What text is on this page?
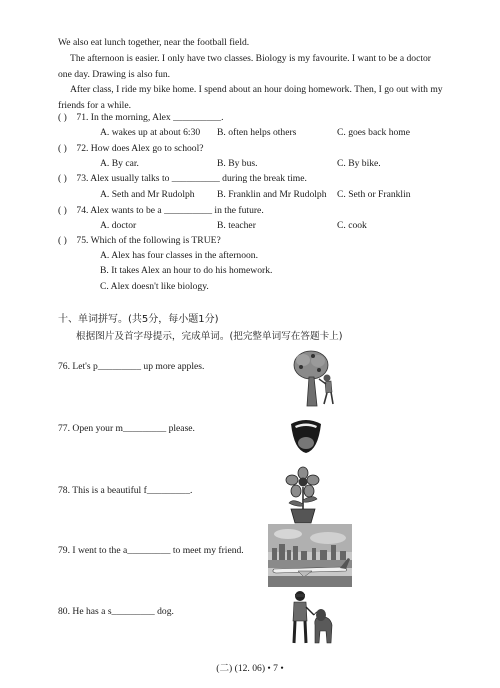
We also eat lunch together, near the football field.
The afternoon is easier. I only have two classes. Biology is my favourite. I want to be a doctor one day. Drawing is also fun.
After class, I ride my bike home. I spend about an hour doing homework. Then, I go out with my friends for a while.
( ) 71. In the morning, Alex __________.
A. wakes up at about 6:30 B. often helps others	C. goes back home
( ) 72. How does Alex go to school?
A. By car.	B. By bus.	C. By bike.
( ) 73. Alex usually talks to __________ during the break time.
A. Seth and Mr Rudolph B. Franklin and Mr Rudolph C. Seth or Franklin
( ) 74. Alex wants to be a __________ in the future.
A. doctor	B. teacher	C. cook
( ) 75. Which of the following is TRUE?
A. Alex has four classes in the afternoon.
B. It takes Alex an hour to do his homework.
C. Alex doesn't like biology.
十、单词拼写。(共5分，每小题1分)
根据图片及首字母提示，完成单词。(把完整单词写在答题卡上)
76. Let's p_________ up more apples.
77. Open your m_________ please.
78. This is a beautiful f_________.
79. I went to the a_________ to meet my friend.
80. He has a s_________ dog.
(二) (12. 06) • 7 •
